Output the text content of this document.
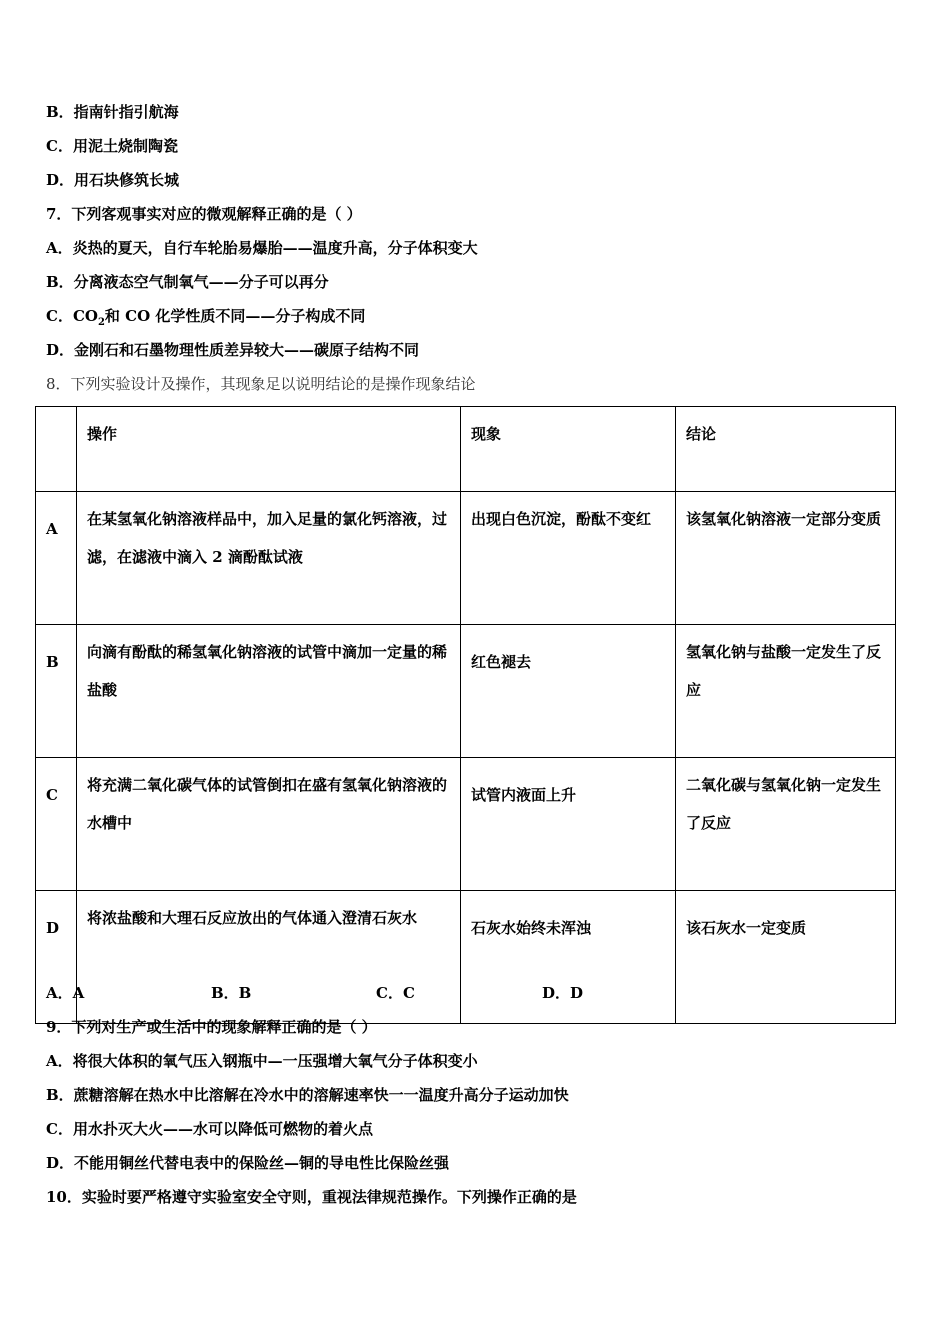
B．指南针指引航海
C．用泥土烧制陶瓷
D．用石块修筑长城
7．下列客观事实对应的微观解释正确的是（ ）
A．炎热的夏天，自行车轮胎易爆胎——温度升高，分子体积变大
B．分离液态空气制氧气——分子可以再分
C．$CO_2$和 CO 化学性质不同——分子构成不同
D．金刚石和石墨物理性质差异较大——碳原子结构不同
8．下列实验设计及操作，其现象足以说明结论的是操作现象结论
	操作	现象	结论
A	在某氢氧化钠溶液样品中，加入足量的氯化钙溶液，过滤，在滤液中滴入 2 滴酚酞试液	出现白色沉淀，酚酞不变红	该氢氧化钠溶液一定部分变质
B	向滴有酚酞的稀氢氧化钠溶液的试管中滴加一定量的稀盐酸	红色褪去	氢氧化钠与盐酸一定发生了反应
C	将充满二氧化碳气体的试管倒扣在盛有氢氧化钠溶液的水槽中	试管内液面上升	二氧化碳与氢氧化钠一定发生了反应
D	将浓盐酸和大理石反应放出的气体通入澄清石灰水	石灰水始终未浑浊	该石灰水一定变质
A．A	B．B	C．C	D．D
9．下列对生产或生活中的现象解释正确的是（ ）
A．将很大体积的氧气压入钢瓶中—一压强增大氧气分子体积变小
B．蔗糖溶解在热水中比溶解在冷水中的溶解速率快一一温度升高分子运动加快
C．用水扑灭大火——水可以降低可燃物的着火点
D．不能用铜丝代替电表中的保险丝—铜的导电性比保险丝强
10．实验时要严格遵守实验室安全守则，重视法律规范操作。下列操作正确的是
